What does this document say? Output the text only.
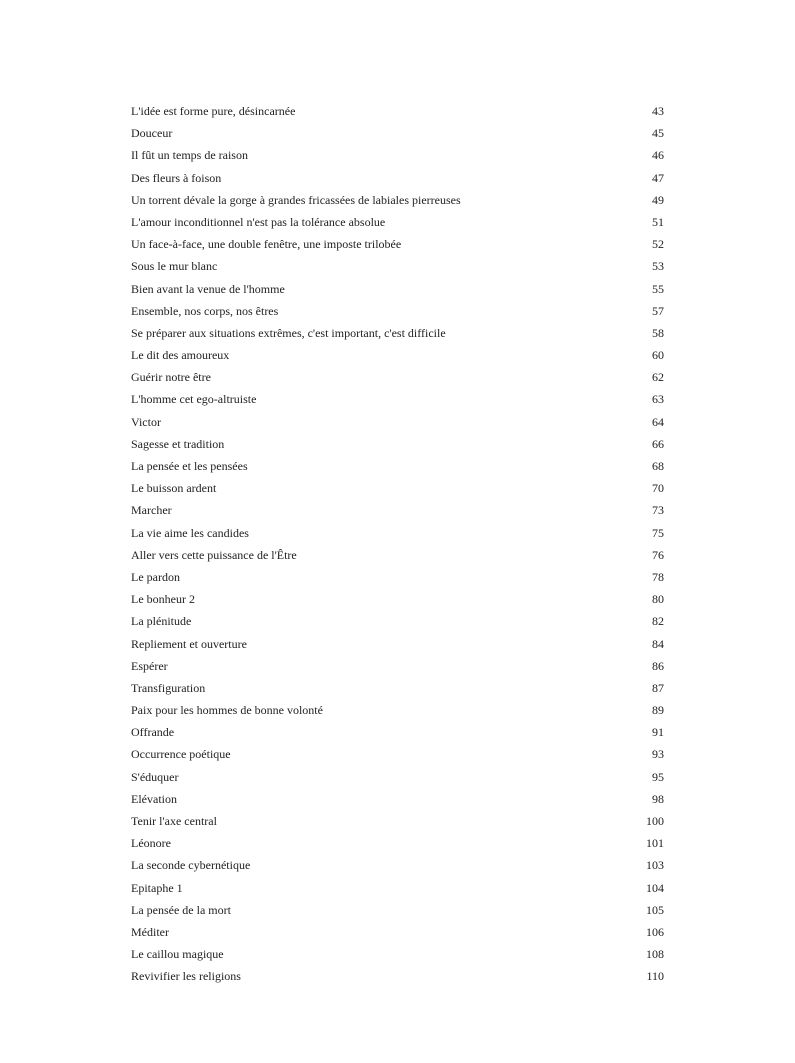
L'idée est forme pure, désincarnée . . .	43
Douceur . . .	45
Il fût un temps de raison . . .	46
Des fleurs à foison . . .	47
Un torrent dévale la gorge à grandes fricassées de labiales pierreuses . . .	49
L'amour inconditionnel n'est pas la tolérance absolue . . .	51
Un face-à-face, une double fenêtre, une imposte trilobée . . .	52
Sous le mur blanc . . .	53
Bien avant la venue de l'homme . . .	55
Ensemble, nos corps, nos êtres . . .	57
Se préparer aux situations extrêmes, c'est important, c'est difficile . . .	58
Le dit des amoureux . . .	60
Guérir notre être . . .	62
L'homme cet ego-altruiste . . .	63
Victor . . .	64
Sagesse et tradition . . .	66
La pensée et les pensées . . .	68
Le buisson ardent . . .	70
Marcher . . .	73
La vie aime les candides . . .	75
Aller vers cette puissance de l'Être . . .	76
Le pardon . . .	78
Le bonheur 2 . . .	80
La plénitude . . .	82
Repliement et ouverture . . .	84
Espérer . . .	86
Transfiguration . . .	87
Paix pour les hommes de bonne volonté . . .	89
Offrande . . .	91
Occurrence poétique . . .	93
S'éduquer . . .	95
Elévation . . .	98
Tenir l'axe central . . .	100
Léonore . . .	101
La seconde cybernétique . . .	103
Epitaphe 1 . . .	104
La pensée de la mort . . .	105
Méditer . . .	106
Le caillou magique . . .	108
Revivifier les religions . . .	110
